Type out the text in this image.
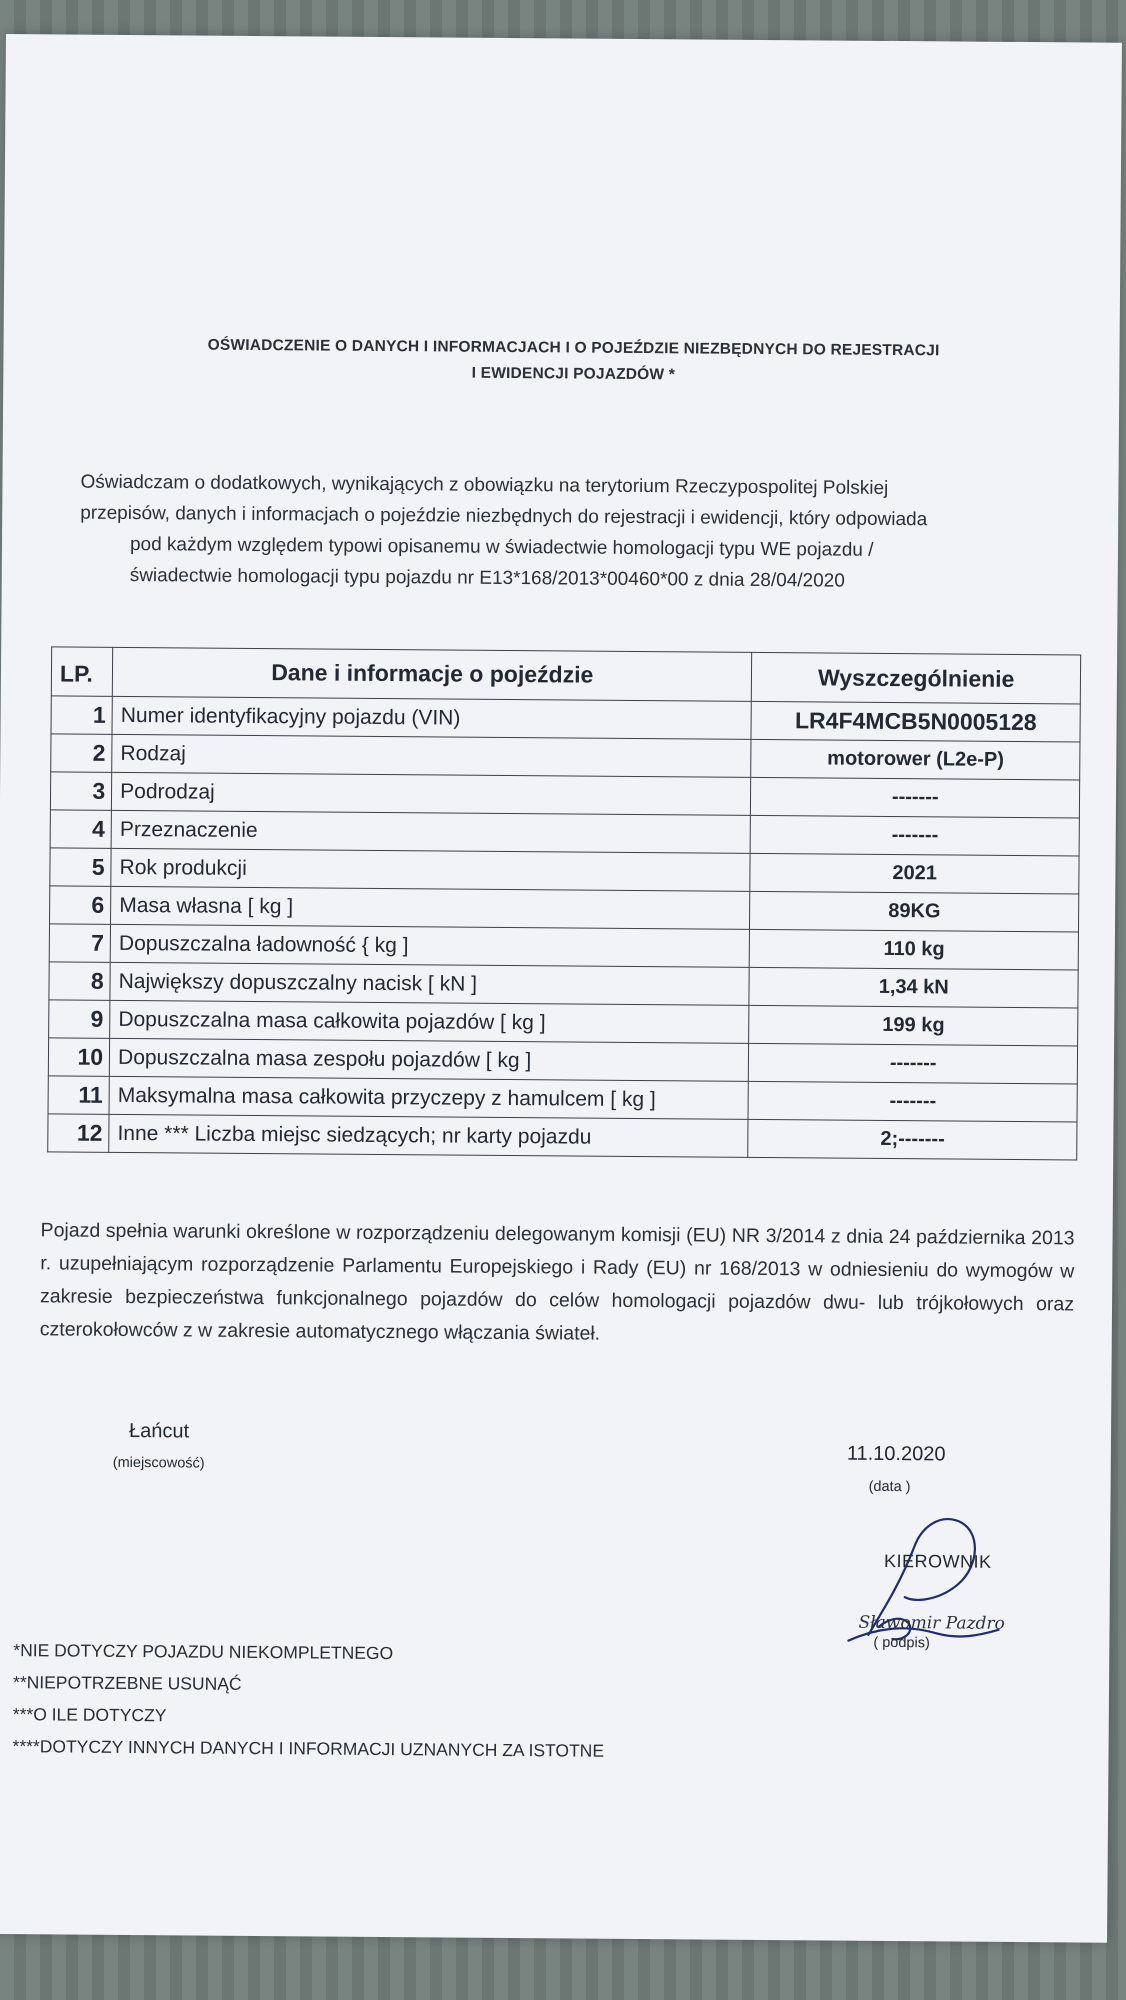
OŚWIADCZENIE O DANYCH I INFORMACJACH I O POJEŹDZIE NIEZBĘDNYCH DO REJESTRACJI
I EWIDENCJI POJAZDÓW *

Oświadczam o dodatkowych, wynikających z obowiązku na terytorium Rzeczypospolitej Polskiej

przepisów, danych i informacjach o pojeździe niezbędnych do rejestracji i ewidencji, który odpowiada

pod każdym względem typowi opisanemu w świadectwie homologacji typu WE pojazdu /

świadectwie homologacji typu pojazdu nr E13*168/2013*00460*00 z dnia 28/04/2020

LP.	Dane i informacje o pojeździe	Wyszczególnienie
1	Numer identyfikacyjny pojazdu (VIN)	LR4F4MCB5N0005128
2	Rodzaj	motorower (L2e-P)
3	Podrodzaj	-------
4	Przeznaczenie	-------
5	Rok produkcji	2021
6	Masa własna [ kg ]	89KG
7	Dopuszczalna ładowność { kg ]	110 kg
8	Największy dopuszczalny nacisk [ kN ]	1,34 kN
9	Dopuszczalna masa całkowita pojazdów [ kg ]	199 kg
10	Dopuszczalna masa zespołu pojazdów [ kg ]	-------
11	Maksymalna masa całkowita przyczepy z hamulcem [ kg ]	-------
12	Inne *** Liczba miejsc siedzących; nr karty pojazdu	2;-------
Pojazd spełnia warunki określone w rozporządzeniu delegowanym komisji (EU) NR 3/2014 z dnia 24 października 2013 r. uzupełniającym rozporządzenie Parlamentu Europejskiego i Rady (EU) nr 168/2013 w odniesieniu do wymogów w zakresie bezpieczeństwa funkcjonalnego pojazdów do celów homologacji pojazdów dwu- lub trójkołowych oraz czterokołowców z w zakresie automatycznego włączania świateł.
Łańcut
(miejscowość)	11.10.2020
(data )
KIEROWNIK
Sławomir Pazdro
( podpis)
*NIE DOTYCZY POJAZDU NIEKOMPLETNEGO
**NIEPOTRZEBNE USUNĄĆ
***O ILE DOTYCZY
****DOTYCZY INNYCH DANYCH I INFORMACJI UZNANYCH ZA ISTOTNE
